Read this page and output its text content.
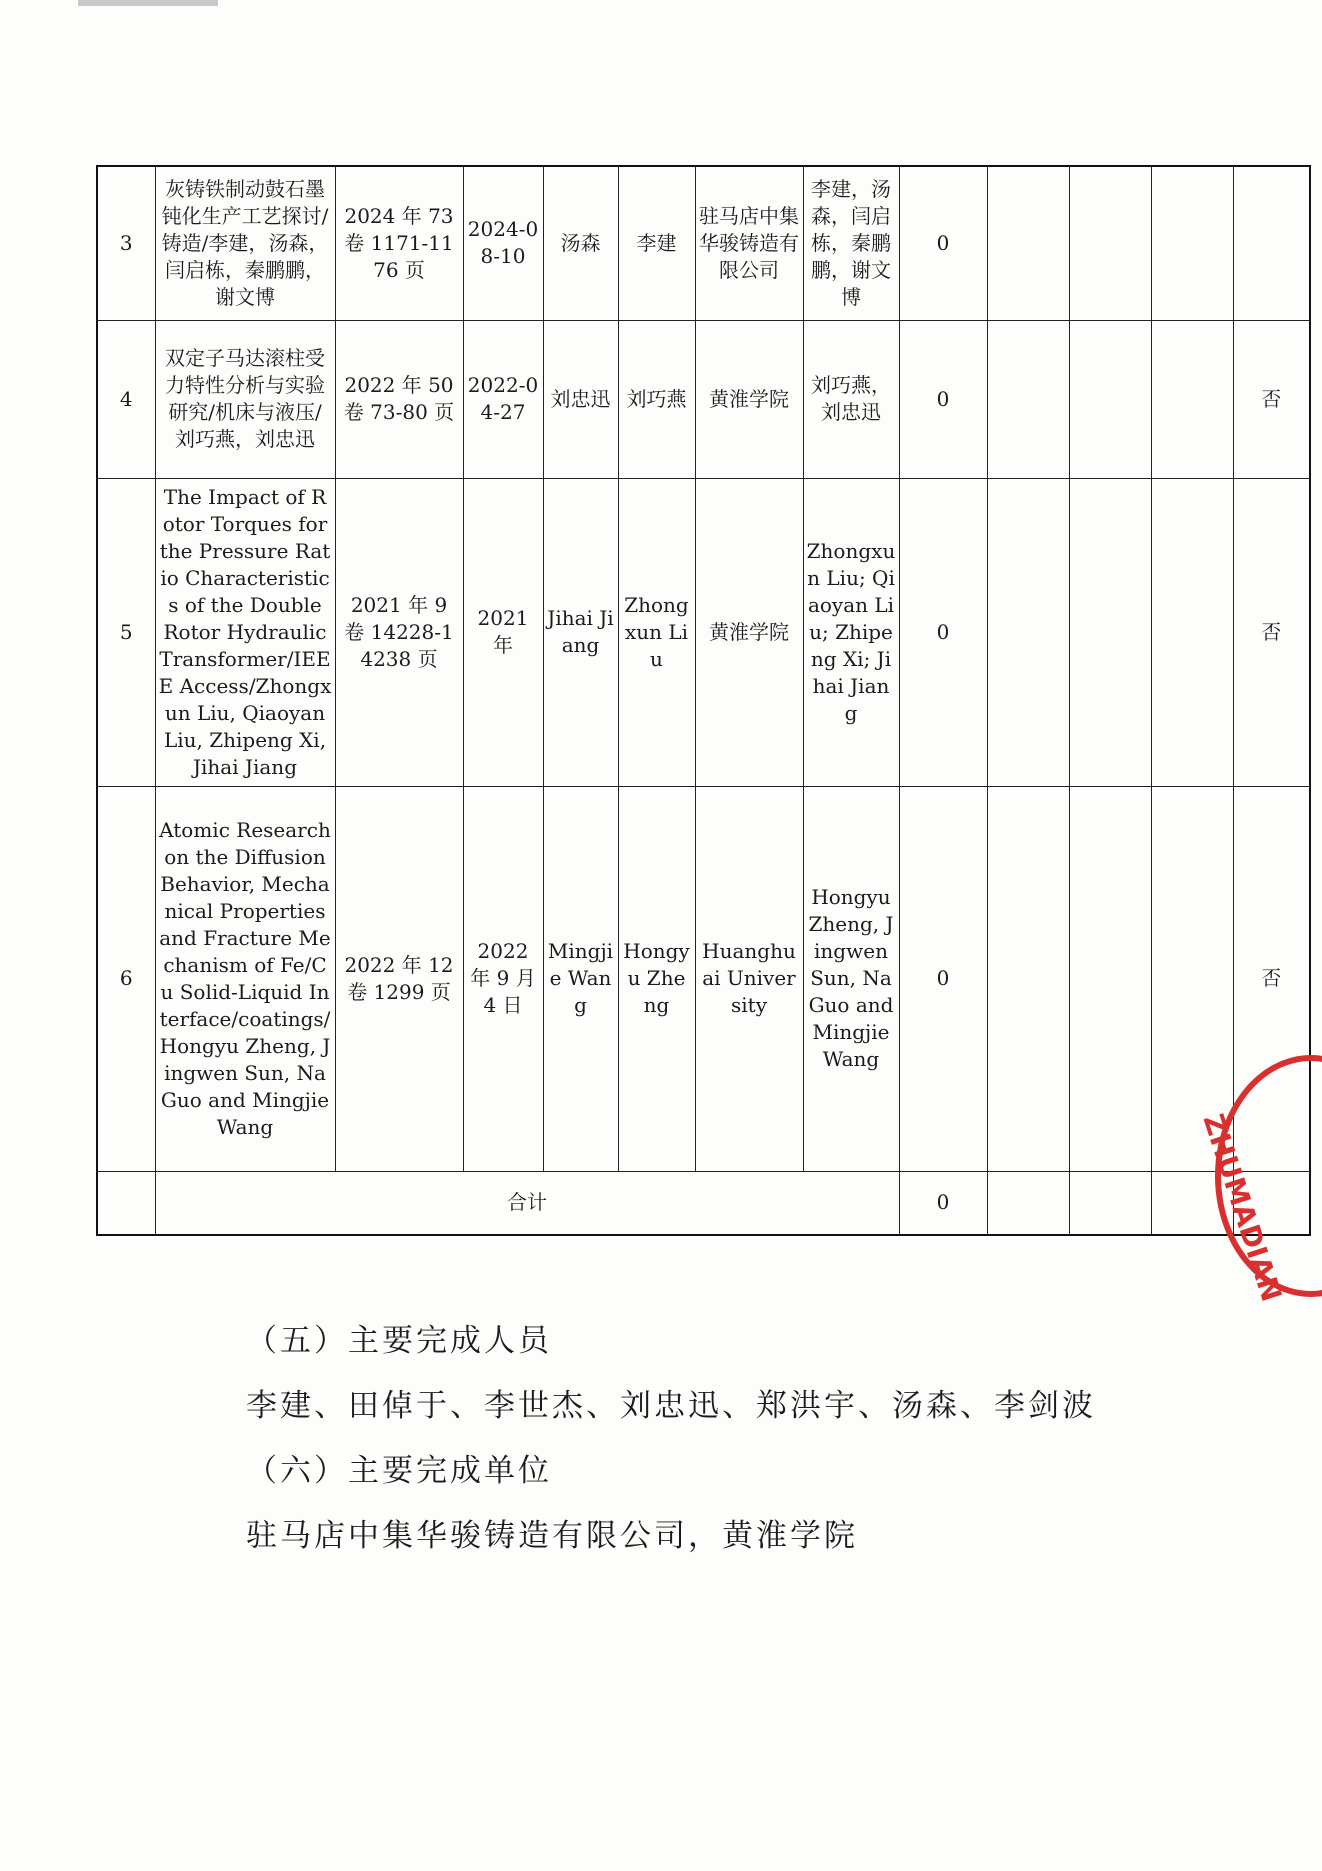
3	灰铸铁制动鼓石墨钝化生产工艺探讨/铸造/李建，汤森，闫启栋，秦鹏鹏，谢文博	2024 年 73 卷 1171-1176 页	2024-08-10	汤森	李建	驻马店中集华骏铸造有限公司	李建，汤森，闫启栋，秦鹏鹏，谢文博	0				
4	双定子马达滚柱受力特性分析与实验研究/机床与液压/刘巧燕，刘忠迅	2022 年 50 卷 73-80 页	2022-04-27	刘忠迅	刘巧燕	黄淮学院	刘巧燕，刘忠迅	0				否
5	The Impact of Rotor Torques for the Pressure Ratio Characteristics of the Double Rotor Hydraulic Transformer/IEEE Access/Zhongxun Liu, Qiaoyan Liu, Zhipeng Xi, Jihai Jiang	2021 年 9 卷 14228-14238 页	2021 年	Jihai Jiang	Zhongxun Liu	黄淮学院	Zhongxun Liu; Qiaoyan Liu; Zhipeng Xi; Jihai Jiang	0				否
6	Atomic Research on the Diffusion Behavior, Mechanical Properties and Fracture Mechanism of Fe/Cu Solid-Liquid Interface/coatings/Hongyu Zheng, Jingwen Sun, Na Guo and Mingjie Wang	2022 年 12 卷 1299 页	2022 年 9 月 4 日	Mingjie Wang	Hongyu Zheng	Huanghuai University	Hongyu Zheng, Jingwen Sun, Na Guo and Mingjie Wang	0				否
	合计							0				
（五）主要完成人员
李建、田倬于、李世杰、刘忠迅、郑洪宇、汤森、李剑波
（六）主要完成单位
驻马店中集华骏铸造有限公司，黄淮学院
ZHUMADIAN
